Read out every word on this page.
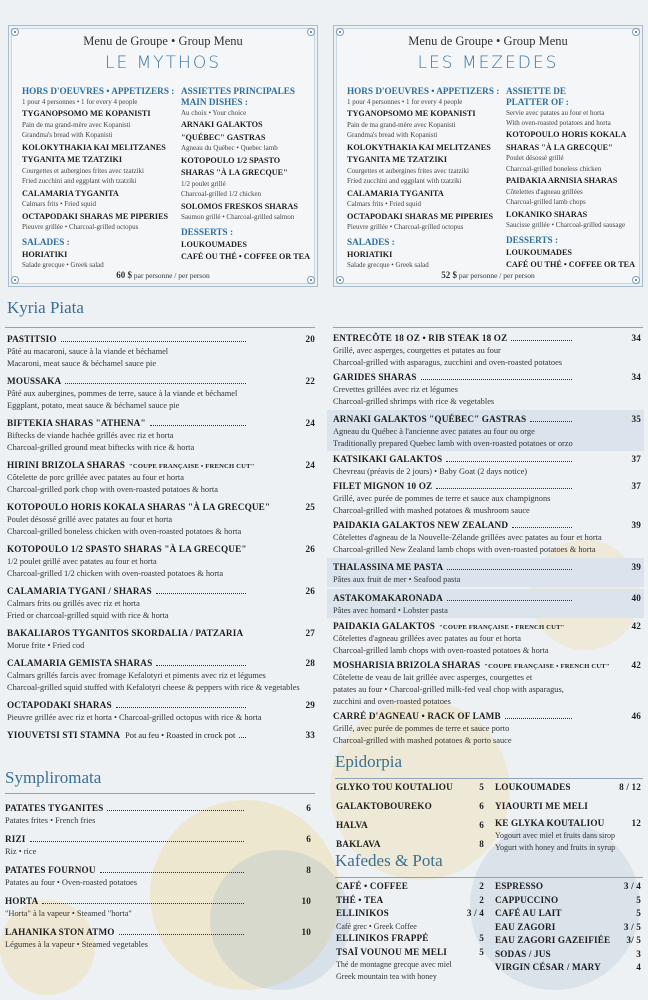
Menu de Groupe • Group Menu
LE MYTHOS
HORS D'OEUVRES • APPETIZERS :
1 pour 4 personnes • 1 for every 4 people
TYGANOPSOMO ME KOPANISTI
Pain de ma grand-mère avec Kopanisti
Grandma's bread with Kopanisti
KOLOKYTHAKIA KAI MELITZANES
TYGANITA ME TZATZIKI
Courgettes et aubergines frites avec tzatziki
Fried zucchini and eggplant with tzatziki
CALAMARIA TYGANITA
Calmars frits • Fried squid
OCTAPODAKI SHARAS ME PIPERIES
Pieuvre grillée • Charcoal-grilled octopus
SALADES :
HORIATIKI
Salade grecque • Greek salad
ASSIETTES PRINCIPALES
MAIN DISHES :
Au choix • Your choice
ARNAKI GALAKTOS
"QUÉBEC" GASTRAS
Agneau du Québec • Quebec lamb
KOTOPOULO 1/2 SPASTO
SHARAS "À LA GRECQUE"
1/2 poulet grillé
Charcoal-grilled 1/2 chicken
SOLOMOS FRESKOS SHARAS
Saumon grillé • Charcoal-grilled salmon
DESSERTS :
LOUKOUMADES
CAFÉ OU THÉ • COFFEE OR TEA
60 $ par personne / per person
Menu de Groupe • Group Menu
LES MEZEDES
HORS D'OEUVRES • APPETIZERS :
1 pour 4 personnes • 1 for every 4 people
TYGANOPSOMO ME KOPANISTI
Pain de ma grand-mère avec Kopanisti
Grandma's bread with Kopanisti
KOLOKYTHAKIA KAI MELITZANES
TYGANITA ME TZATZIKI
Courgettes et aubergines frites avec tzatziki
Fried zucchini and eggplant with tzatziki
CALAMARIA TYGANITA
Calmars frits • Fried squid
OCTAPODAKI SHARAS ME PIPERIES
Pieuvre grillée • Charcoal-grilled octopus
SALADES :
HORIATIKI
Salade grecque • Greek salad
ASSIETTE DE
PLATTER OF :
Servie avec patates au four et horta
With oven-roasted potatoes and horta
KOTOPOULO HORIS KOKALA
SHARAS "À LA GRECQUE"
Poulet désossé grillé
Charcoal-grilled boneless chicken
PAIDAKIA ARNISIA SHARAS
Côtelettes d'agneau grillées
Charcoal-grilled lamb chops
LOKANIKO SHARAS
Saucisse grillée • Charcoal-grilled sausage
DESSERTS :
LOUKOUMADES
CAFÉ OU THÉ • COFFEE OR TEA
52 $ par personne / per person
Kyria Piata
PASTITSIO	20
Pâté au macaroni, sauce à la viande et béchamel
Macaroni, meat sauce & béchamel sauce pie
MOUSSAKA	22
Pâté aux aubergines, pommes de terre, sauce à la viande et béchamel
Eggplant, potato, meat sauce & béchamel sauce pie
BIFTEKIA SHARAS "ATHENA"	24
Biftecks de viande hachée grillés avec riz et horta
Charcoal-grilled ground meat biftecks with rice & horta
HIRINI BRIZOLA SHARAS "COUPE FRANÇAISE • FRENCH CUT"	24
Côtelette de porc grillée avec patates au four et horta
Charcoal-grilled pork chop with oven-roasted potatoes & horta
KOTOPOULO HORIS KOKALA SHARAS "À LA GRECQUE"	25
Poulet désossé grillé avec patates au four et horta
Charcoal-grilled boneless chicken with oven-roasted potatoes & horta
KOTOPOULO 1/2 SPASTO SHARAS "À LA GRECQUE"	26
1/2 poulet grillé avec patates au four et horta
Charcoal-grilled 1/2 chicken with oven-roasted potatoes & horta
CALAMARIA TYGANI / SHARAS	26
Calmars frits ou grillés avec riz et horta
Fried or charcoal-grilled squid with rice & horta
BAKALIAROS TYGANITOS SKORDALIA / PATZARIA	27
Morue frite • Fried cod
CALAMARIA GEMISTA SHARAS	28
Calmars grillés farcis avec fromage Kefalotyri et piments avec riz et légumes
Charcoal-grilled squid stuffed with Kefalotyri cheese & peppers with rice & vegetables
OCTAPODAKI SHARAS	29
Pieuvre grillée avec riz et horta • Charcoal-grilled octopus with rice & horta
YIOUVETSI STI STAMNA Pot au feu • Roasted in crock pot	33
ENTRECÔTE 18 OZ • RIB STEAK 18 OZ	34
Grillé, avec asperges, courgettes et patates au four
Charcoal-grilled with asparagus, zucchini and oven-roasted potatoes
GARIDES SHARAS	34
Crevettes grillées avec riz et légumes
Charcoal-grilled shrimps with rice & vegetables
ARNAKI GALAKTOS "QUÉBEC" GASTRAS	35
Agneau du Québec à l'ancienne avec patates au four ou orge
Traditionally prepared Quebec lamb with oven-roasted potatoes or orzo
KATSIKAKI GALAKTOS	37
Chevreau (préavis de 2 jours) • Baby Goat (2 days notice)
FILET MIGNON 10 OZ	37
Grillé, avec purée de pommes de terre et sauce aux champignons
Charcoal-grilled with mashed potatoes & mushroom sauce
PAIDAKIA GALAKTOS NEW ZEALAND	39
Côtelettes d'agneau de la Nouvelle-Zélande grillées avec patates au four et horta
Charcoal-grilled New Zealand lamb chops with oven-roasted potatoes & horta
THALASSINA ME PASTA	39
Pâtes aux fruit de mer • Seafood pasta
ASTAKOMAKARONADA	40
Pâtes avec homard • Lobster pasta
PAIDAKIA GALAKTOS "COUPE FRANÇAISE • FRENCH CUT"	42
Côtelettes d'agneau grillées avec patates au four et horta
Charcoal-grilled lamb chops with oven-roasted potatoes & horta
MOSHARISIA BRIZOLA SHARAS "COUPE FRANÇAISE • FRENCH CUT" 42
Côtelette de veau de lait grillée avec asperges, courgettes et
patates au four • Charcoal-grilled milk-fed veal chop with asparagus,
zucchini and oven-roasted potatoes
CARRÉ D'AGNEAU • RACK OF LAMB	46
Grillé, avec purée de pommes de terre et sauce porto
Charcoal-grilled with mashed potatoes & porto sauce
Sympliromata
PATATES TYGANITES	6
Patates frites • French fries
RIZI	6
Riz • rice
PATATES FOURNOU	8
Patates au four • Oven-roasted potatoes
HORTA	10
"Horta" à la vapeur • Steamed "horta"
LAHANIKA STON ATMO	10
Légumes à la vapeur • Steamed vegetables
Epidorpia
GLYKO TOU KOUTALIOU	5
GALAKTOBOUREKO	6
HALVA	6
BAKLAVA	8
LOUKOUMADES	8 / 12
YIAOURTI ME MELI
KE GLYKA KOUTALIOU	12
Yogourt avec miel et fruits dans sirop
Yogurt with honey and fruits in syrup
Kafedes & Pota
CAFÉ • COFFEE	2
THÉ • TEA	2
ELLINIKOS	3 / 4
Café grec • Greek Coffee
ELLINIKOS FRAPPÉ	5
TSAÏ VOUNOU ME MELI	5
Thé de montagne grecque avec miel
Greek mountain tea with honey
ESPRESSO	3 / 4
CAPPUCCINO	5
CAFÉ AU LAIT	5
EAU ZAGORI	3 / 5
EAU ZAGORI GAZEIFIÉE 3/ 5
SODAS / JUS	3
VIRGIN CÉSAR / MARY	4
